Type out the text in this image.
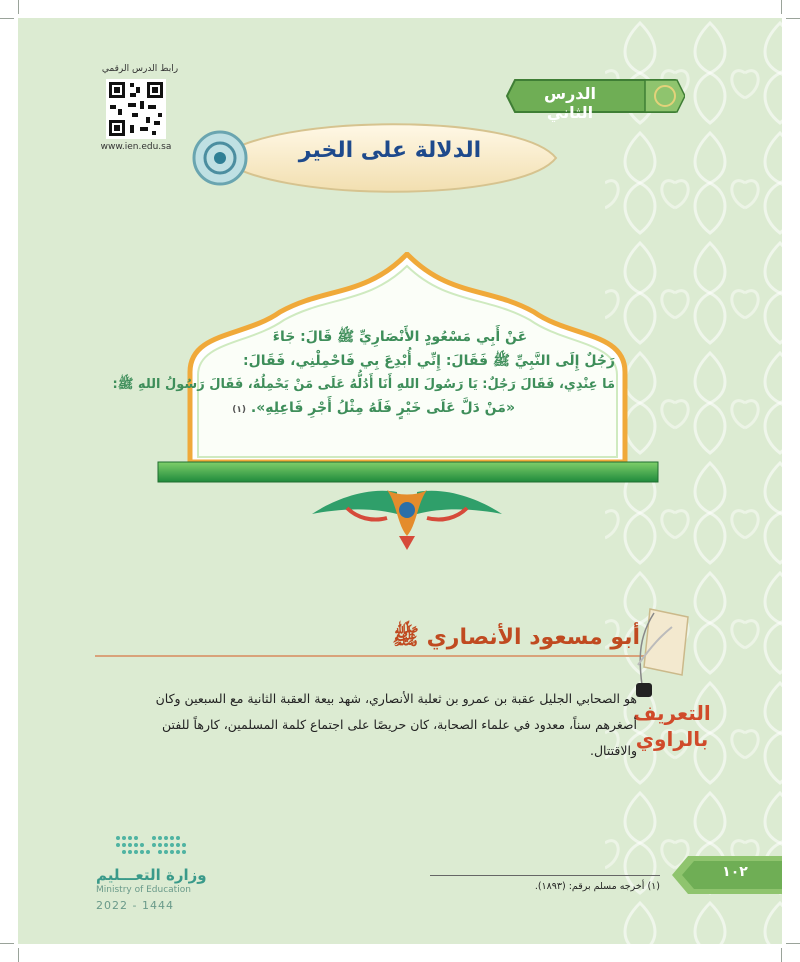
الدرس الثاني
رابط الدرس الرقمي
www.ien.edu.sa	الدلالة على الخير
عَنْ أَبِي مَسْعُودٍ الأَنْصَارِيِّ ﷺ قَالَ: جَاءَ
رَجُلٌ إِلَى النَّبِيِّ ﷺ فَقَالَ: إِنِّي أُبْدِعَ بِي فَاحْمِلْنِي، فَقَالَ:
مَا عِنْدِي، فَقَالَ رَجُلٌ: يَا رَسُولَ اللهِ أَنَا أَدُلُّهُ عَلَى مَنْ يَحْمِلُهُ، فَقَالَ رَسُولُ اللهِ ﷺ:
«مَنْ دَلَّ عَلَى خَيْرٍ فَلَهُ مِثْلُ أَجْرِ فَاعِلِهِ». (١)
أبو مسعود الأنصاري ﷺ
التعريف
بالراوي
هو الصحابي الجليل عقبة بن عمرو بن ثعلبة الأنصاري، شهد بيعة العقبة الثانية مع السبعين وكان
أصغرهم سناً، معدود في علماء الصحابة، كان حريصًا على اجتماع كلمة المسلمين، كارهاً للفتن
والاقتتال.
وزارة التعـــليم
Ministry of Education
2022 - 1444
(١) أخرجه مسلم برقم: (١٨٩٣).
١٠٢
